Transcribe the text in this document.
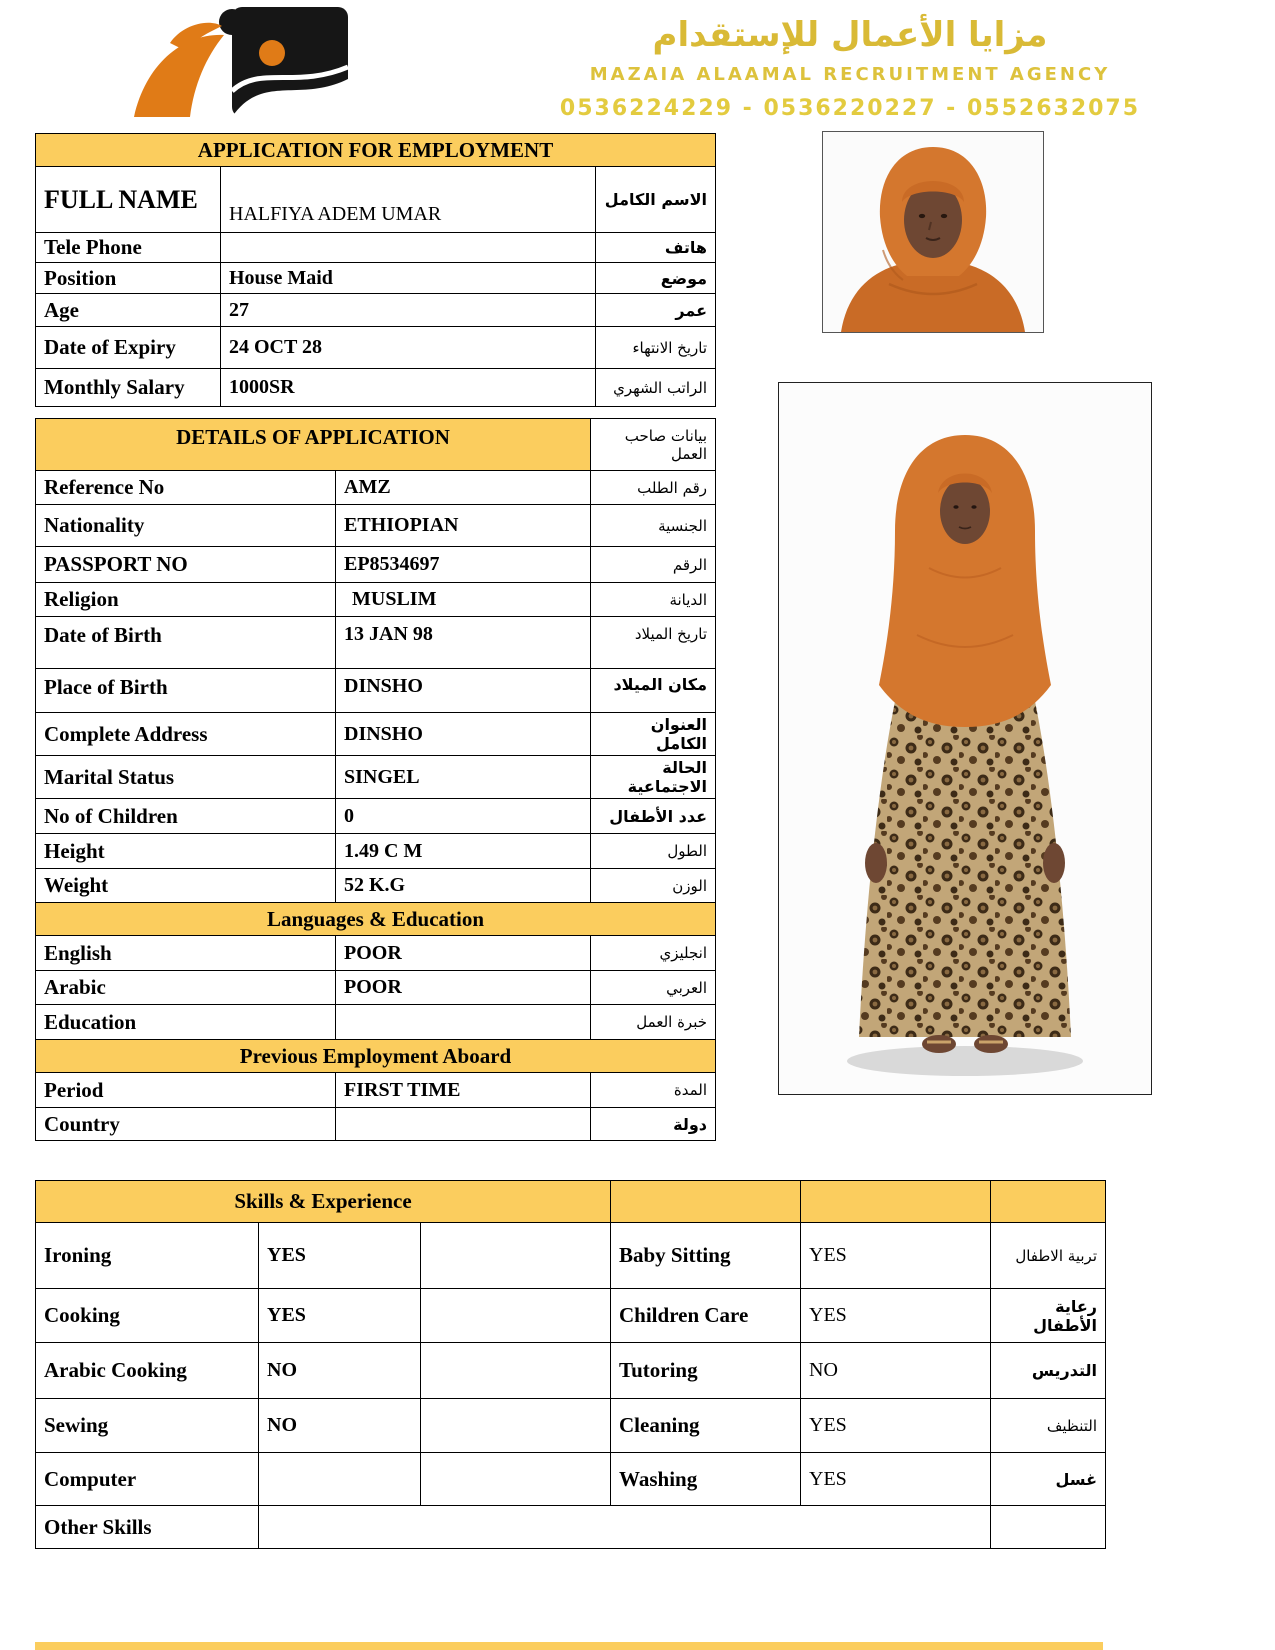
مزايا الأعمال للإستقدام
MAZAIA ALAAMAL RECRUITMENT AGENCY
0536224229 - 0536220227 - 0552632075
APPLICATION FOR EMPLOYMENT		
FULL NAME	HALFIYA ADEM UMAR	الاسم الكامل
Tele Phone		هاتف
Position	House Maid	موضع
Age	27	عمر
Date of Expiry	24 OCT 28	تاريخ الانتهاء
Monthly Salary	1000SR	الراتب الشهري
DETAILS OF APPLICATION		بيانات صاحب العمل
Reference No	AMZ	رقم الطلب
Nationality	ETHIOPIAN	الجنسية
PASSPORT NO	EP8534697	الرقم
Religion	MUSLIM	الديانة
Date of Birth	13 JAN 98	تاريخ الميلاد
Place of Birth	DINSHO	مكان الميلاد
Complete Address	DINSHO	العنوان الكامل
Marital Status	SINGEL	الحالة الاجتماعية
No of Children	0	عدد الأطفال
Height	1.49 C M	الطول
Weight	52 K.G	الوزن
Languages & Education		
English	POOR	انجليزي
Arabic	POOR	العربي
Education		خبرة العمل
Previous Employment Aboard		
Period	FIRST TIME	المدة
Country		دولة
Skills & Experience					
Ironing	YES		Baby Sitting	YES	تربية الاطفال
Cooking	YES		Children Care	YES	رعاية الأطفال
Arabic Cooking	NO		Tutoring	NO	التدريس
Sewing	NO		Cleaning	YES	التنظيف
Computer			Washing	YES	غسل
Other Skills					
